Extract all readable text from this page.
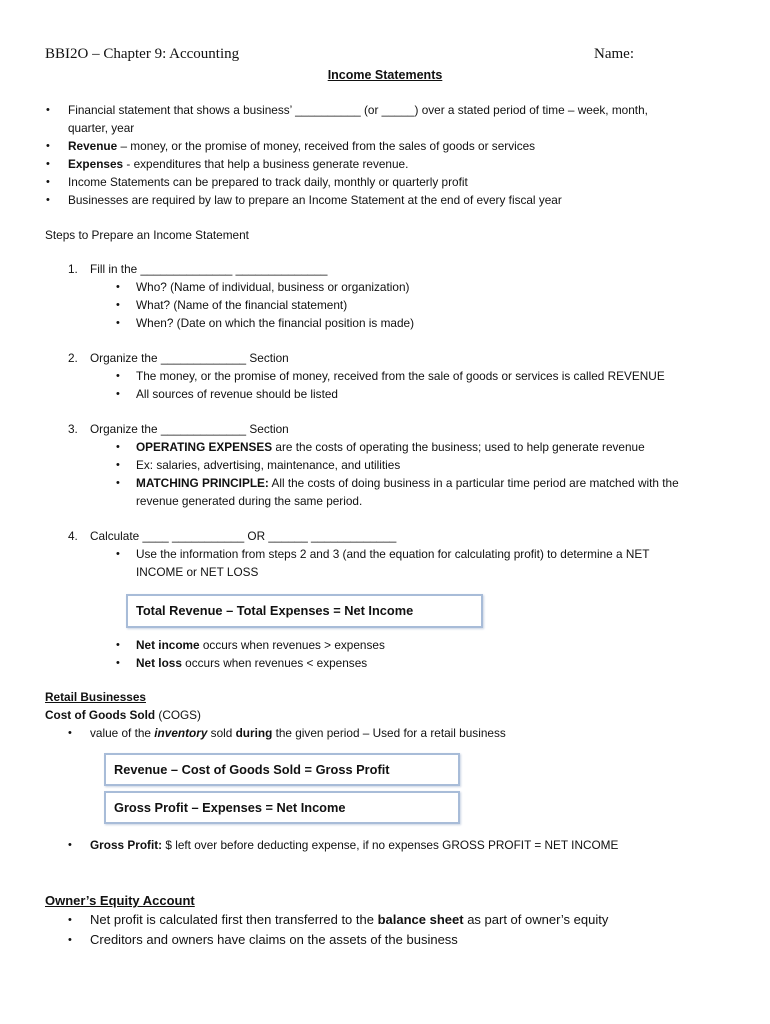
BBI2O – Chapter 9: Accounting	Name:
Income Statements
• Financial statement that shows a business’ __________ (or _____) over a stated period of time – week, month,
quarter, year
• Revenue – money, or the promise of money, received from the sales of goods or services
• Expenses - expenditures that help a business generate revenue.
• Income Statements can be prepared to track daily, monthly or quarterly profit
• Businesses are required by law to prepare an Income Statement at the end of every fiscal year
Steps to Prepare an Income Statement
1. Fill in the ______________ ______________
• Who? (Name of individual, business or organization)
• What? (Name of the financial statement)
• When? (Date on which the financial position is made)
2. Organize the _____________ Section
• The money, or the promise of money, received from the sale of goods or services is called REVENUE
• All sources of revenue should be listed
3. Organize the _____________ Section
• OPERATING EXPENSES are the costs of operating the business; used to help generate revenue
• Ex: salaries, advertising, maintenance, and utilities
• MATCHING PRINCIPLE: All the costs of doing business in a particular time period are matched with the
revenue generated during the same period.
4. Calculate ____ ___________ OR ______ _____________
• Use the information from steps 2 and 3 (and the equation for calculating profit) to determine a NET
INCOME or NET LOSS
Total Revenue – Total Expenses = Net Income
• Net income occurs when revenues > expenses
• Net loss occurs when revenues < expenses
Retail Businesses
Cost of Goods Sold (COGS)
• value of the inventory sold during the given period – Used for a retail business
Revenue – Cost of Goods Sold = Gross Profit
Gross Profit – Expenses = Net Income
• Gross Profit: $ left over before deducting expense, if no expenses GROSS PROFIT = NET INCOME
Owner’s Equity Account
• Net profit is calculated first then transferred to the balance sheet as part of owner’s equity
• Creditors and owners have claims on the assets of the business
